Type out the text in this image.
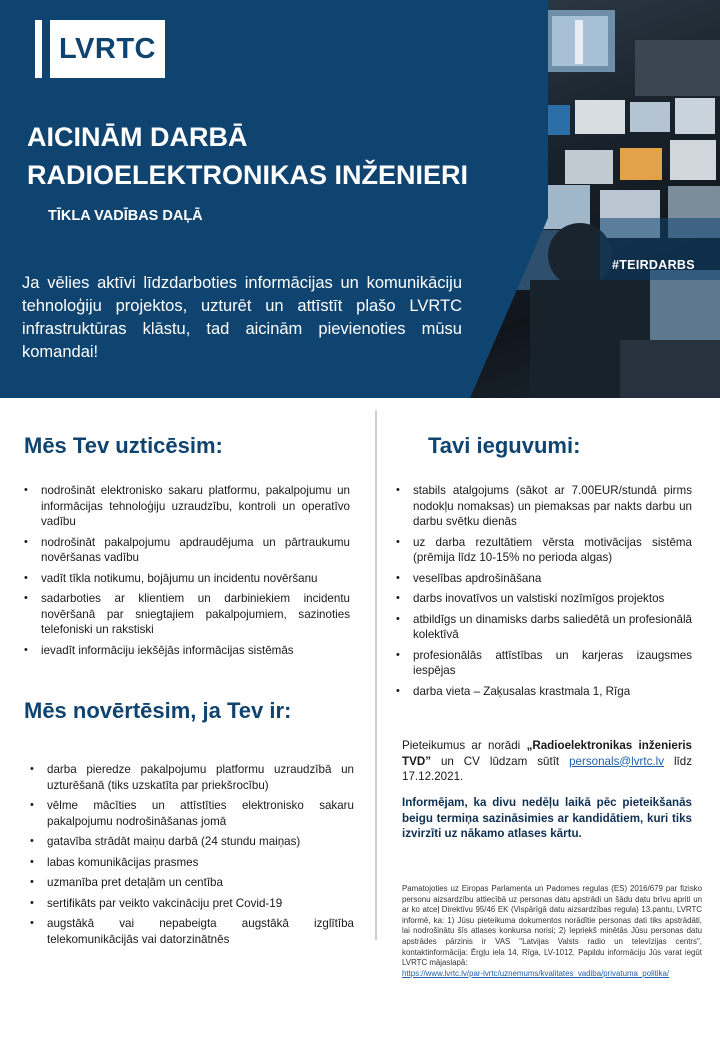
LVRTC
AICINĀM DARBĀ
RADIOELEKTRONIKAS INŽENIERI
TĪKLA VADĪBAS DAĻĀ
Ja vēlies aktīvi līdzdarboties informācijas un komunikāciju tehnoloģiju projektos, uzturēt un attīstīt plašo LVRTC infrastruktūras klāstu, tad aicinām pievienoties mūsu komandai!
#TEIRDARBS
Mēs Tev uzticēsim:
• nodrošināt elektronisko sakaru platformu, pakalpojumu un informācijas tehnoloģiju uzraudzību, kontroli un operatīvo vadību
• nodrošināt pakalpojumu apdraudējuma un pārtraukumu novēršanas vadību
• vadīt tīkla notikumu, bojājumu un incidentu novēršanu
• sadarboties ar klientiem un darbiniekiem incidentu novēršanā par sniegtajiem pakalpojumiem, sazinoties telefoniski un rakstiski
• ievadīt informāciju iekšējās informācijas sistēmās
Tavi ieguvumi:
• stabils atalgojums (sākot ar 7.00EUR/stundā pirms nodokļu nomaksas) un piemaksas par nakts darbu un darbu svētku dienās
• uz darba rezultātiem vērsta motivācijas sistēma (prēmija līdz 10-15% no perioda algas)
• veselības apdrošināšana
• darbs inovatīvos un valstiski nozīmīgos projektos
• atbildīgs un dinamisks darbs saliedētā un profesionālā kolektīvā
• profesionālās attīstības un karjeras izaugsmes iespējas
• darba vieta – Zaķusalas krastmala 1, Rīga
Mēs novērtēsim, ja Tev ir:
• darba pieredze pakalpojumu platformu uzraudzībā un uzturēšanā (tiks uzskatīta par priekšrocību)
• vēlme mācīties un attīstīties elektronisko sakaru pakalpojumu nodrošināšanas jomā
• gatavība strādāt maiņu darbā (24 stundu maiņas)
• labas komunikācijas prasmes
• uzmanība pret detaļām un centība
• sertifikāts par veikto vakcināciju pret Covid-19
• augstākā vai nepabeigta augstākā izglītība telekomunikācijās vai datorzinātnēs
Pieteikumus ar norādi „Radioelektronikas inženieris TVD” un CV lūdzam sūtīt personals@lvrtc.lv līdz 17.12.2021.
Informējam, ka divu nedēļu laikā pēc pieteikšanās beigu termiņa sazināsimies ar kandidātiem, kuri tiks izvirzīti uz nākamo atlases kārtu.
Pamatojoties uz Eiropas Parlamenta un Padomes regulas (ES) 2016/679 par fizisko personu aizsardzību attiecībā uz personas datu apstrādi un šādu datu brīvu apriti un ar ko atceļ Direktīvu 95/46 EK (Vispārīgā datu aizsardzības regula) 13.pantu, LVRTC informē, ka: 1) Jūsu pieteikuma dokumentos norādītie personas dati tiks apstrādāti, lai nodrošinātu šīs atlases konkursa norisi; 2) Iepriekš minētās Jūsu personas datu apstrādes pārzinis ir VAS "Latvijas Valsts radio un televīzijas centrs", kontaktinformācija: Ērgļu iela 14, Rīga, LV-1012. Papildu informāciju Jūs varat iegūt LVRTC mājaslapā:
https://www.lvrtc.lv/par-lvrtc/uznemums/kvalitates_vadiba/privatuma_politika/
